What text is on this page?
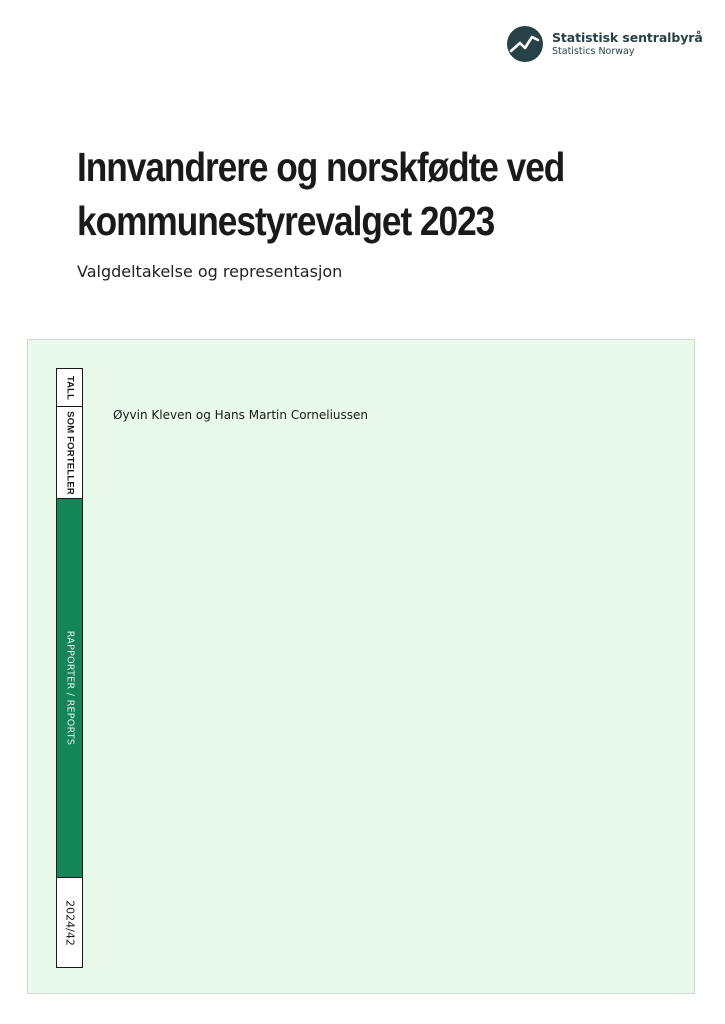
Statistisk sentralbyrå
Statistics Norway
Innvandrere og norskfødte ved
kommunestyrevalget 2023

Valgdeltakelse og representasjon

Øyvin Kleven og Hans Martin Corneliussen
TALL
SOM FORTELLER
RAPPORTER / REPORTS
2024/42
